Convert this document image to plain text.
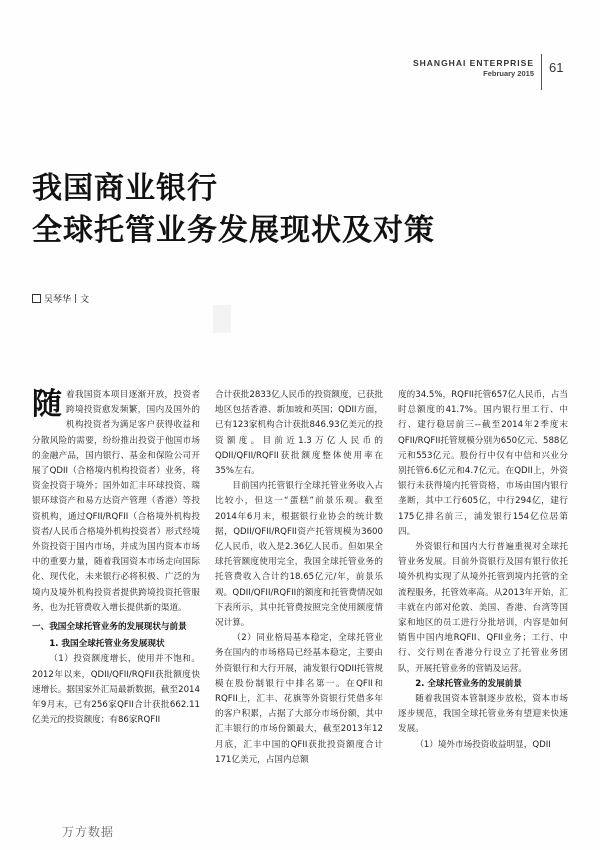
SHANGHAI ENTERPRISE
February 2015 61
我国商业银行
全球托管业务发展现状及对策
吴琴华 | 文
随 着我国资本项目逐渐开放，投资者跨境投资愈发频繁，国内及国外的机构投资者为满足客户获得收益和分散风险的需要，纷纷推出投资于他国市场的金融产品，国内银行、基金和保险公司开展了QDII（合格境内机构投资者）业务，将资金投资于境外；国外如汇丰环球投资、瑞银环球资产和易方达资产管理（香港）等投资机构，通过QFII/RQFII（合格境外机构投资者/人民币合格境外机构投资者）形式经境外资投资于国内市场，并成为国内资本市场中的重要力量，随着我国资本市场走向国际化、现代化，未来银行必将积极、广泛的为境内及境外机构投资者提供跨境投资托管服务，也为托管费收入增长提供新的渠道。

一、我国全球托管业务的发展现状与前景

1. 我国全球托管业务发展现状

（1）投资额度增长，使用并不饱和。2012年以来，QDII/QFII/RQFII获批额度快速增长。据国家外汇局最新数据，截至2014年9月末，已有256家QFII合计获批662.11亿美元的投资额度；有86家RQFII

合计获批2833亿人民币的投资额度，已获批地区包括香港、新加坡和英国；QDII方面，已有123家机构合计获批846.93亿美元的投资额度。目前近1.3万亿人民币的QDII/QFII/RQFII获批额度整体使用率在35%左右。

目前国内托管银行全球托管业务收入占比较小，但这一“蛋糕”前景乐观。截至2014年6月末，根据银行业协会的统计数据，QDII/QFII/RQFII资产托管规模为3600亿人民币，收入是2.36亿人民币。但如果全球托管额度使用完全，我国全球托管业务的托管费收入合计约18.65亿元/年，前景乐观。QDII/QFII/RQFII的额度和托管费情况如下表所示，其中托管费按照完全使用额度情况计算。

（2）同业格局基本稳定，全球托管业务在国内的市场格局已经基本稳定，主要由外资银行和大行开展，浦发银行QDII托管规模在股份制银行中排名第一。在QFII和RQFII上，汇丰、花旗等外资银行凭借多年的客户积累，占据了大部分市场份额，其中汇丰银行的市场份额最大，截至2013年12月底，汇丰中国的QFII获批投资额度合计171亿美元，占国内总额

度的34.5%，RQFII托管657亿人民币，占当时总额度的41.7%。国内银行里工行、中行、建行稳居前三--截至2014年2季度末QFII/RQFII托管规模分别为650亿元、588亿元和553亿元。股份行中仅有中信和兴业分别托管6.6亿元和4.7亿元。在QDII上，外资银行未获得境内托管资格，市场由国内银行垄断，其中工行605亿，中行294亿，建行175亿排名前三，浦发银行154亿位居第四。

外资银行和国内大行普遍重视对全球托管业务发展。目前外资银行及国有银行依托境外机构实现了从境外托管到境内托管的全流程服务，托管效率高。从2013年开始，汇丰就在内部对伦敦、美国、香港、台湾等国家和地区的员工进行分批培训，内容是如何销售中国内地RQFII、QFII业务；工行、中行、交行则在香港分行设立了托管业务团队，开展托管业务的营销及运营。

2. 全球托管业务的发展前景

随着我国资本管制逐步放松，资本市场逐步规范，我国全球托管业务有望迎来快速发展。

（1）境外市场投资收益明显，QDII

万方数据
